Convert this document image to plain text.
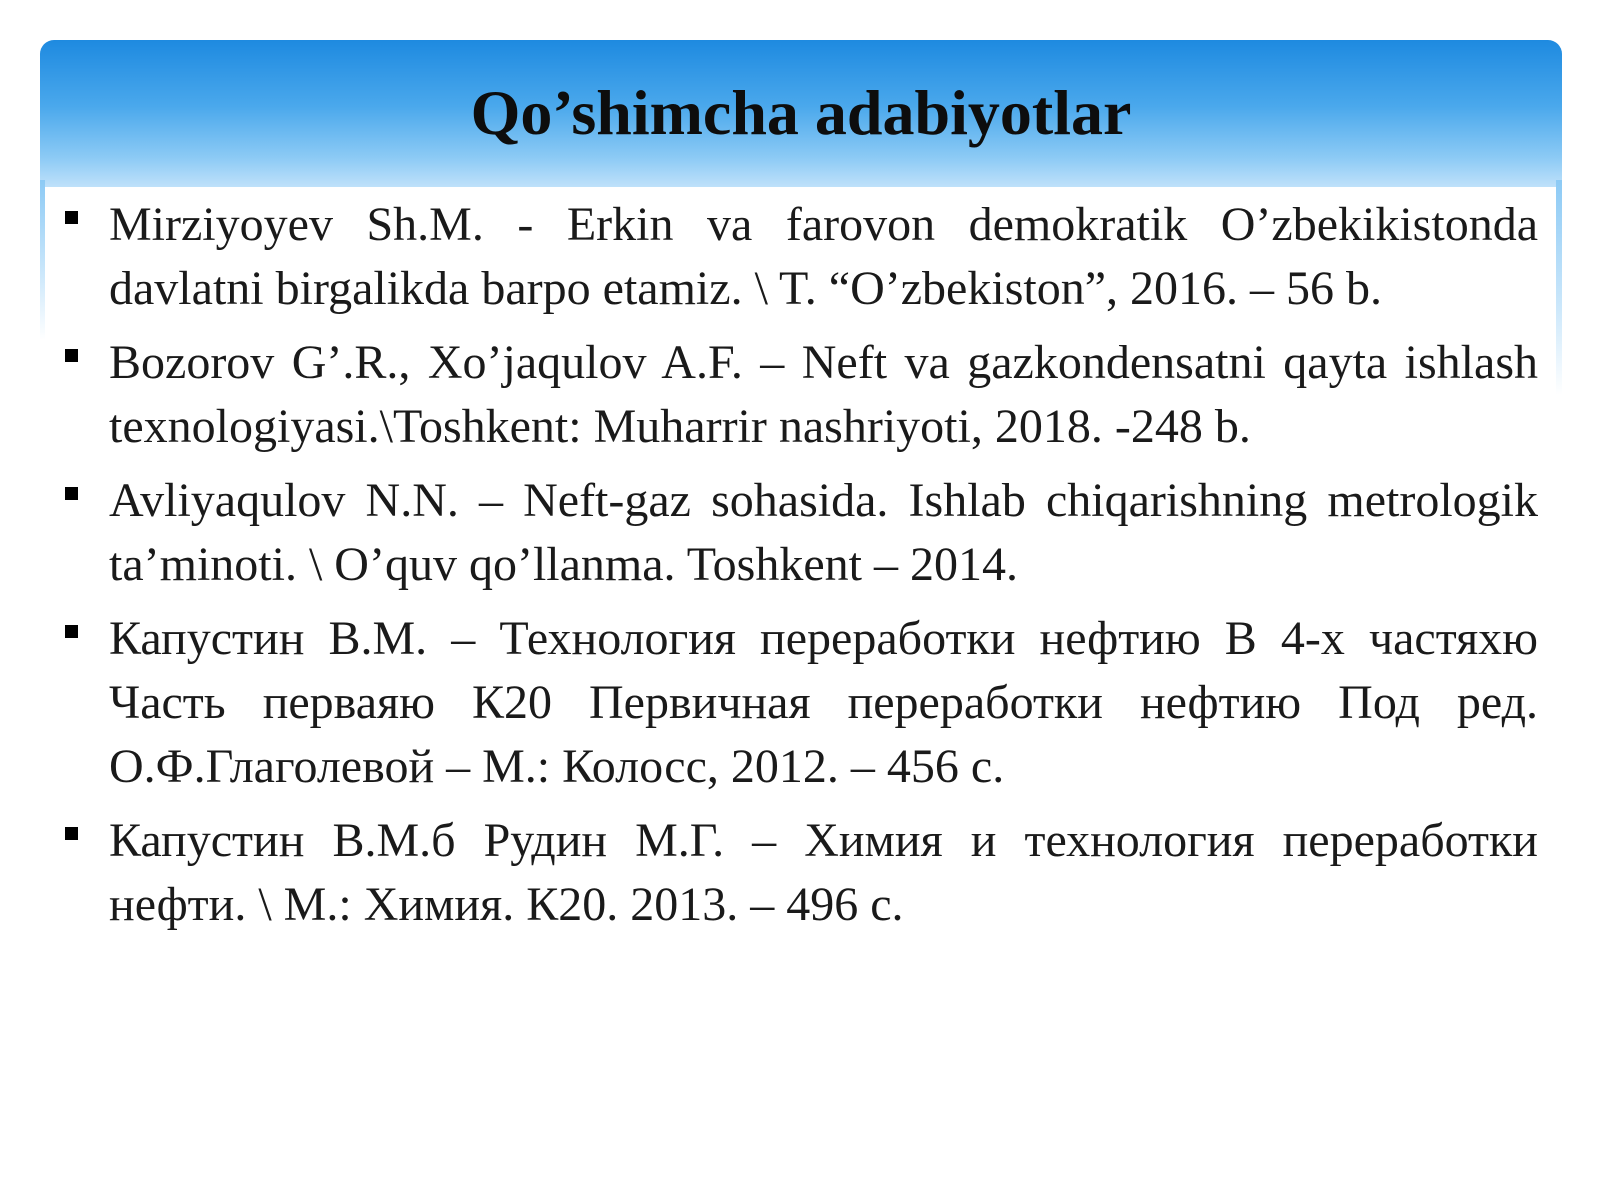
Qo’shimcha adabiyotlar
Mirziyoyev Sh.M. - Erkin va farovon demokratik O’zbekikistonda davlatni birgalikda barpo etamiz. \ T. “O’zbekiston”, 2016. – 56 b.
Bozorov G’.R., Xo’jaqulov A.F. – Neft va gazkondensatni qayta ishlash texnologiyasi.\Toshkent: Muharrir nashriyoti, 2018. -248 b.
Avliyaqulov N.N. – Neft-gaz sohasida. Ishlab chiqarishning metrologik ta’minoti. \ O’quv qo’llanma. Toshkent – 2014.
Капустин В.М. – Технология переработки нефтию В 4-х частяхю Часть перваяю К20 Первичная переработки нефтию Под ред. О.Ф.Глаголевой – М.: Колосс, 2012. – 456 с.
Капустин В.М.б Рудин М.Г. – Химия и технология переработки нефти. \ М.: Химия. К20. 2013. – 496 с.
